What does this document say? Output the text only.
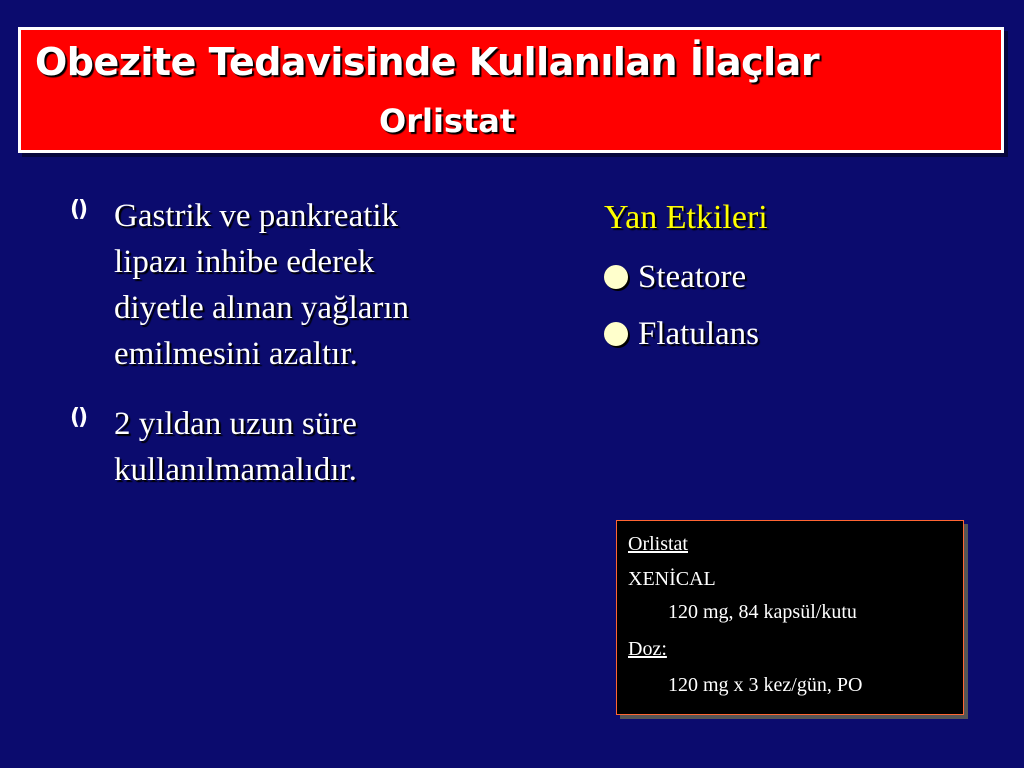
Obezite Tedavisinde Kullanılan İlaçlar
Orlistat
() Gastrik ve pankreatik
lipazı inhibe ederek
diyetle alınan yağların
emilmesini azaltır.
() 2 yıldan uzun süre
kullanılmamalıdır.
Yan Etkileri
Steatore
Flatulans
Orlistat
XENİCAL
120 mg, 84 kapsül/kutu
Doz:
120 mg x 3 kez/gün, PO
